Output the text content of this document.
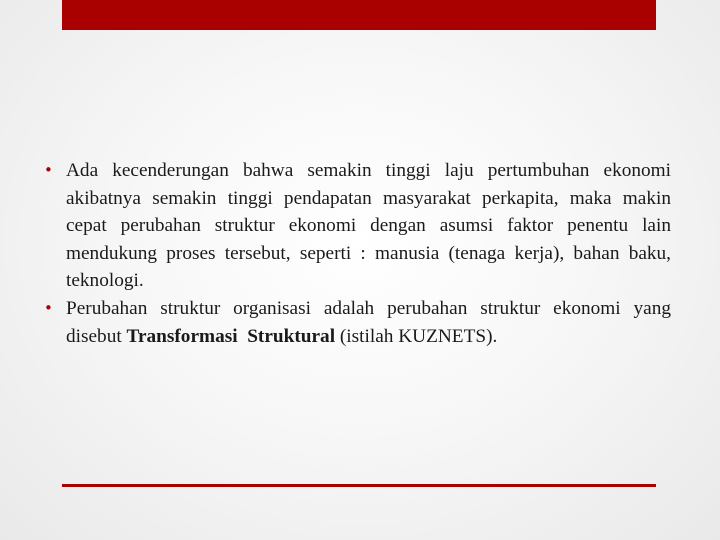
• Ada kecenderungan bahwa semakin tinggi laju pertumbuhan ekonomi akibatnya semakin tinggi pendapatan masyarakat perkapita, maka makin cepat perubahan struktur ekonomi dengan asumsi faktor penentu lain mendukung proses tersebut, seperti : manusia (tenaga kerja), bahan baku, teknologi.
• Perubahan struktur organisasi adalah perubahan struktur ekonomi yang disebut Transformasi  Struktural (istilah KUZNETS).
